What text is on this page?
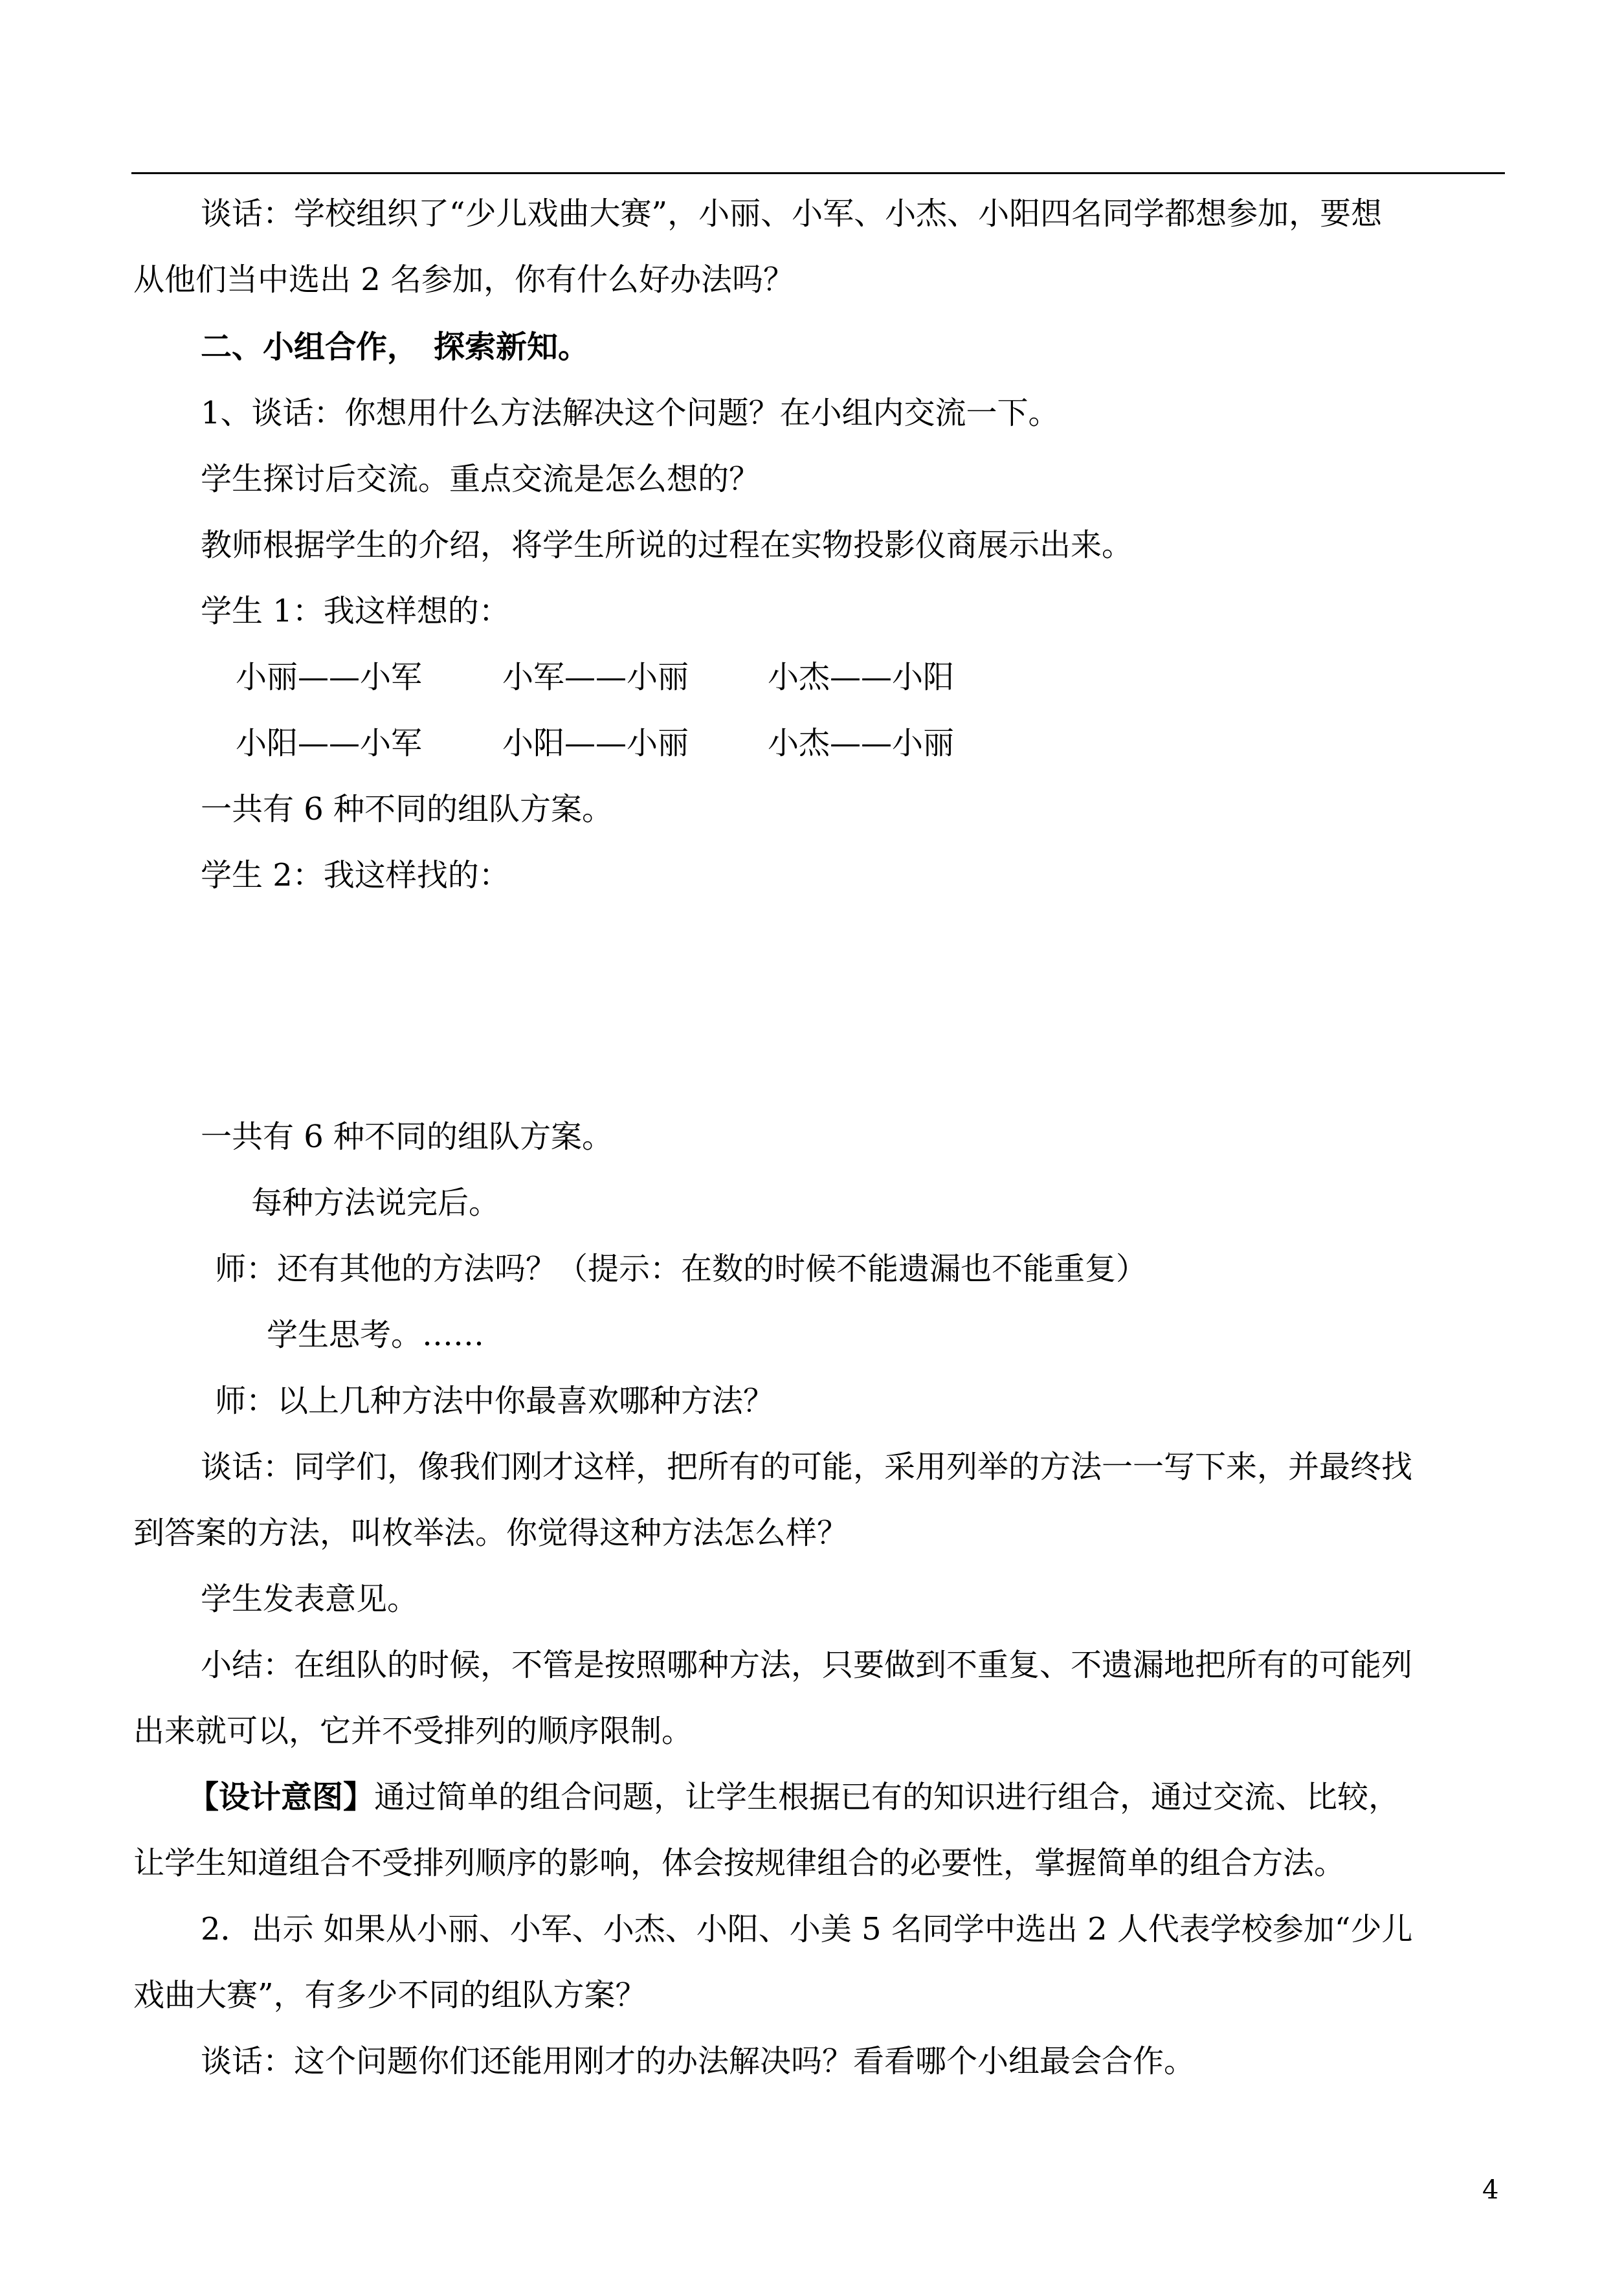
谈话：学校组织了“少儿戏曲大赛”，小丽、小军、小杰、小阳四名同学都想参加，要想
从他们当中选出 2 名参加，你有什么好办法吗？
二、小组合作，　探索新知。
1、谈话：你想用什么方法解决这个问题？在小组内交流一下。
学生探讨后交流。重点交流是怎么想的？
教师根据学生的介绍，将学生所说的过程在实物投影仪商展示出来。
学生 1：我这样想的：
小丽——小军	小军——小丽	小杰——小阳
小阳——小军	小阳——小丽	小杰——小丽
一共有 6 种不同的组队方案。
学生 2：我这样找的：
一共有 6 种不同的组队方案。
每种方法说完后。
师：还有其他的方法吗？（提示：在数的时候不能遗漏也不能重复）
学生思考。……
师：以上几种方法中你最喜欢哪种方法？
谈话：同学们，像我们刚才这样，把所有的可能，采用列举的方法一一写下来，并最终找
到答案的方法，叫枚举法。你觉得这种方法怎么样？
学生发表意见。
小结：在组队的时候，不管是按照哪种方法，只要做到不重复、不遗漏地把所有的可能列
出来就可以，它并不受排列的顺序限制。
【设计意图】通过简单的组合问题，让学生根据已有的知识进行组合，通过交流、比较，
让学生知道组合不受排列顺序的影响，体会按规律组合的必要性，掌握简单的组合方法。
2．出示 如果从小丽、小军、小杰、小阳、小美 5 名同学中选出 2 人代表学校参加“少儿
戏曲大赛”，有多少不同的组队方案？
谈话：这个问题你们还能用刚才的办法解决吗？看看哪个小组最会合作。
4
